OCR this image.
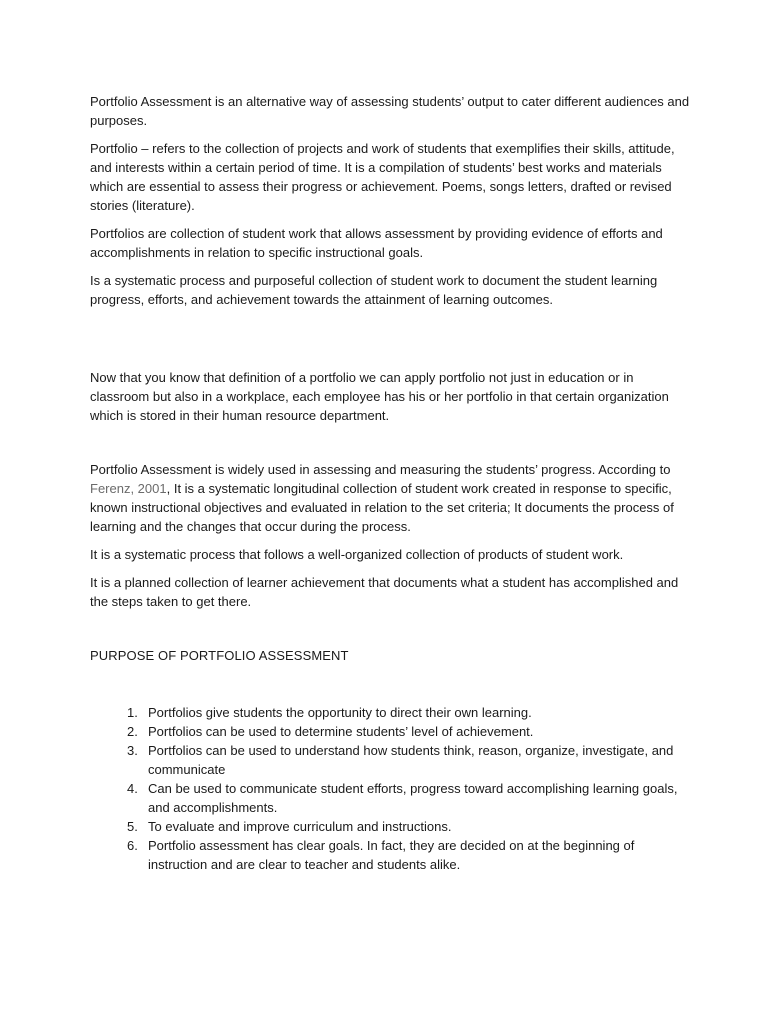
Portfolio Assessment is an alternative way of assessing students’ output to cater different audiences and purposes.

Portfolio – refers to the collection of projects and work of students that exemplifies their skills, attitude, and interests within a certain period of time. It is a compilation of students’ best works and materials which are essential to assess their progress or achievement. Poems, songs letters, drafted or revised stories (literature).

Portfolios are collection of student work that allows assessment by providing evidence of efforts and accomplishments in relation to specific instructional goals.

Is a systematic process and purposeful collection of student work to document the student learning progress, efforts, and achievement towards the attainment of learning outcomes.

Now that you know that definition of a portfolio we can apply portfolio not just in education or in classroom but also in a workplace, each employee has his or her portfolio in that certain organization which is stored in their human resource department.

Portfolio Assessment is widely used in assessing and measuring the students’ progress. According to Ferenz, 2001, It is a systematic longitudinal collection of student work created in response to specific, known instructional objectives and evaluated in relation to the set criteria; It documents the process of learning and the changes that occur during the process.

It is a systematic process that follows a well-organized collection of products of student work.

It is a planned collection of learner achievement that documents what a student has accomplished and the steps taken to get there.

PURPOSE OF PORTFOLIO ASSESSMENT

1. Portfolios give students the opportunity to direct their own learning.
2. Portfolios can be used to determine students’ level of achievement.
3. Portfolios can be used to understand how students think, reason, organize, investigate, and communicate
4. Can be used to communicate student efforts, progress toward accomplishing learning goals, and accomplishments.
5. To evaluate and improve curriculum and instructions.
6. Portfolio assessment has clear goals. In fact, they are decided on at the beginning of instruction and are clear to teacher and students alike.
